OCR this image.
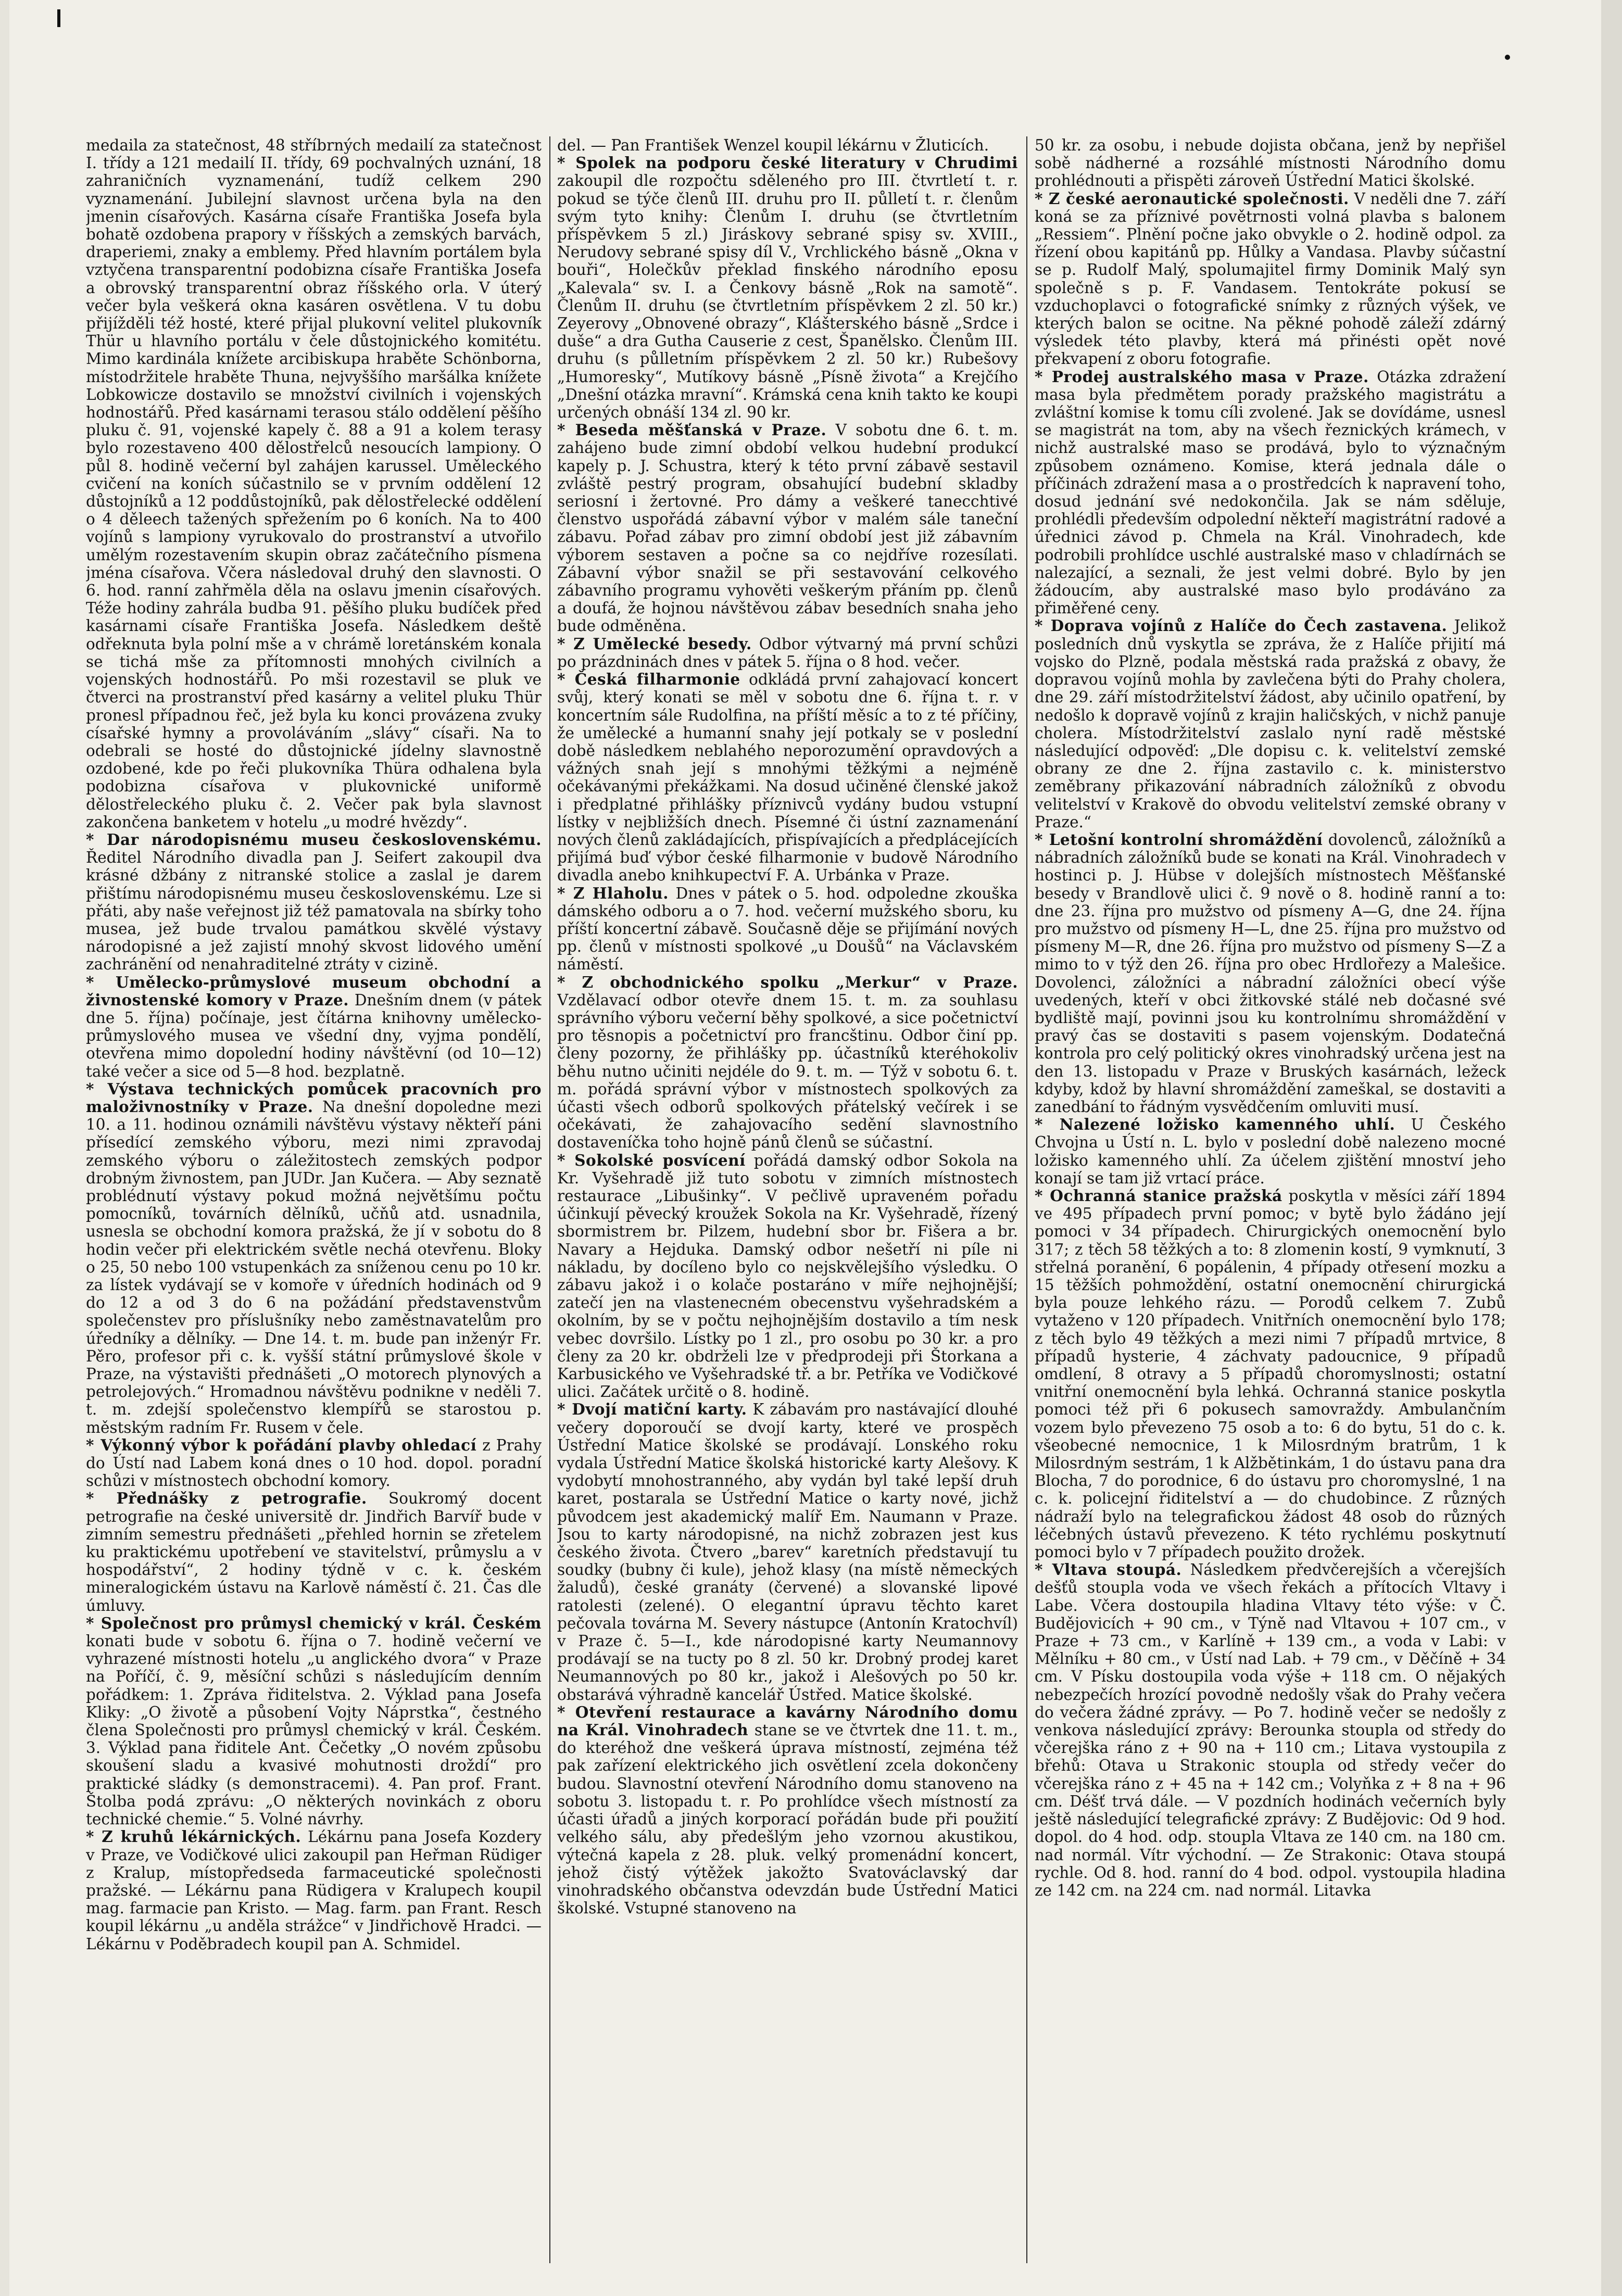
medaila za statečnost, 48 stříbrných medailí za statečnost I. třídy a 121 medailí II. třídy, 69 pochvalných uznání, 18 zahraničních vyznamenání, tudíž celkem 290 vyznamenání. Jubilejní slavnost určena byla na den jmenin císařových. Kasárna císaře Františka Josefa byla bohatě ozdobena prapory v říšských a zemských barvách, draperiemi, znaky a emblemy. Před hlavním portálem byla vztyčena transparentní podobizna císaře Františka Josefa a obrovský transparentní obraz říšského orla. V úterý večer byla veškerá okna kasáren osvětlena. V tu dobu přijížděli též hosté, které přijal plukovní velitel plukovník Thür u hlavního portálu v čele důstojnického komitétu. Mimo kardinála knížete arcibiskupa hraběte Schönborna, místodržitele hraběte Thuna, nejvyššího maršálka knížete Lobkowicze dostavilo se množství civilních i vojenských hodnostářů. Před kasárnami terasou stálo oddělení pěšího pluku č. 91, vojenské kapely č. 88 a 91 a kolem terasy bylo rozestaveno 400 dělostřelců nesoucích lampiony. O půl 8. hodině večerní byl zahájen karussel. Uměleckého cvičení na koních súčastnilo se v prvním oddělení 12 důstojníků a 12 poddůstojníků, pak dělostřelecké oddělení o 4 děleech tažených spřežením po 6 koních. Na to 400 vojínů s lampiony vyrukovalo do prostranství a utvořilo umělým rozestavením skupin obraz začátečního písmena jména císařova. Včera následoval druhý den slavnosti. O 6. hod. ranní zahřměla děla na oslavu jmenin císařových. Téže hodiny zahrála budba 91. pěšího pluku budíček před kasárnami císaře Františka Josefa. Následkem deště odřeknuta byla polní mše a v chrámě loretánském konala se tichá mše za přítomnosti mnohých civilních a vojenských hodnostářů. Po mši rozestavil se pluk ve čtverci na prostranství před kasárny a velitel pluku Thür pronesl případnou řeč, jež byla ku konci provázena zvuky císařské hymny a provoláváním „slávy“ císaři. Na to odebrali se hosté do důstojnické jídelny slavnostně ozdobené, kde po řeči plukovníka Thüra odhalena byla podobizna císařova v plukovnické uniformě dělostřeleckého pluku č. 2. Večer pak byla slavnost zakončena banketem v hotelu „u modré hvězdy“.

* Dar národopisnému museu československému. Ředitel Národního divadla pan J. Seifert zakoupil dva krásné džbány z nitranské stolice a zaslal je darem přištímu národopisnému museu československému. Lze si přáti, aby naše veřejnost již též pamatovala na sbírky toho musea, jež bude trvalou památkou skvělé výstavy národopisné a jež zajistí mnohý skvost lidového umění zachránění od nenahraditelné ztráty v cizině.

* Umělecko-průmyslové museum obchodní a živnostenské komory v Praze. Dnešním dnem (v pátek dne 5. října) počínaje, jest čítárna knihovny umělecko-průmyslového musea ve všední dny, vyjma pondělí, otevřena mimo dopolední hodiny návštěvní (od 10—12) také večer a sice od 5—8 hod. bezplatně.

* Výstava technických pomůcek pracovních pro maloživnostníky v Praze. Na dnešní dopoledne mezi 10. a 11. hodinou oznámili návštěvu výstavy někteří páni přísedící zemského výboru, mezi nimi zpravodaj zemského výboru o záležitostech zemských podpor drobným živnostem, pan JUDr. Jan Kučera. — Aby seznatě problédnutí výstavy pokud možná největšímu počtu pomocníků, továrních dělníků, učňů atd. usnadnila, usnesla se obchodní komora pražská, že jí v sobotu do 8 hodin večer při elektrickém světle nechá otevřenu. Bloky o 25, 50 nebo 100 vstupenkách za sníženou cenu po 10 kr. za lístek vydávají se v komoře v úředních hodinách od 9 do 12 a od 3 do 6 na požádání představenstvům společenstev pro příslušníky nebo zaměstnavatelům pro úředníky a dělníky. — Dne 14. t. m. bude pan inženýr Fr. Pěro, profesor při c. k. vyšší státní průmyslové škole v Praze, na výstavišti přednášeti „O motorech plynových a petrolejových.“ Hromadnou návštěvu podnikne v neděli 7. t. m. zdejší společenstvo klempířů se starostou p. městským radním Fr. Rusem v čele.

* Výkonný výbor k pořádání plavby ohledací z Prahy do Ústí nad Labem koná dnes o 10 hod. dopol. poradní schůzi v místnostech obchodní komory.

* Přednášky z petrografie. Soukromý docent petrografie na české universitě dr. Jindřich Barvíř bude v zimním semestru přednášeti „přehled hornin se zřetelem ku praktickému upotřebení ve stavitelství, průmyslu a v hospodářství“, 2 hodiny týdně v c. k. českém mineralogickém ústavu na Karlově náměstí č. 21. Čas dle úmluvy.

* Společnost pro průmysl chemický v král. Českém konati bude v sobotu 6. října o 7. hodině večerní ve vyhrazené místnosti hotelu „u anglického dvora“ v Praze na Poříčí, č. 9, měsíční schůzi s následujícím denním pořádkem: 1. Zpráva řiditelstva. 2. Výklad pana Josefa Kliky: „O životě a působení Vojty Náprstka“, čestného člena Společnosti pro průmysl chemický v král. Českém. 3. Výklad pana řiditele Ant. Čečetky „O novém způsobu skoušení sladu a kvasivé mohutnosti droždí“ pro praktické sládky (s demonstracemi). 4. Pan prof. Frant. Štolba podá zprávu: „O některých novinkách z oboru technické chemie.“ 5. Volné návrhy.

* Z kruhů lékárnických. Lékárnu pana Josefa Kozdery v Praze, ve Vodičkové ulici zakoupil pan Heřman Rüdiger z Kralup, místopředseda farmaceutické společnosti pražské. — Lékárnu pana Rüdigera v Kralupech koupil mag. farmacie pan Kristo. — Mag. farm. pan Frant. Resch koupil lékárnu „u anděla strážce“ v Jindřichově Hradci. — Lékárnu v Poděbradech koupil pan A. Schmidel.

del. — Pan František Wenzel koupil lékárnu v Žluticích.

* Spolek na podporu české literatury v Chrudimi zakoupil dle rozpočtu sděleného pro III. čtvrtletí t. r. pokud se týče členů III. druhu pro II. půlletí t. r. členům svým tyto knihy: Členům I. druhu (se čtvrtletním příspěvkem 5 zl.) Jiráskovy sebrané spisy sv. XVIII., Nerudovy sebrané spisy díl V., Vrchlického básně „Okna v bouři“, Holečkův překlad finského národního eposu „Kalevala“ sv. I. a Čenkovy básně „Rok na samotě“. Členům II. druhu (se čtvrtletním příspěvkem 2 zl. 50 kr.) Zeyerovy „Obnovené obrazy“, Klášterského básně „Srdce i duše“ a dra Gutha Causerie z cest, Španělsko. Členům III. druhu (s půlletním příspěvkem 2 zl. 50 kr.) Rubešovy „Humoresky“, Mutíkovy básně „Písně života“ a Krejčího „Dnešní otázka mravní“. Krámská cena knih takto ke koupi určených obnáší 134 zl. 90 kr.

* Beseda měšťanská v Praze. V sobotu dne 6. t. m. zahájeno bude zimní období velkou hudební produkcí kapely p. J. Schustra, který k této první zábavě sestavil zvláště pestrý program, obsahující budební skladby seriosní i žertovné. Pro dámy a veškeré tanecchtivé členstvo uspořádá zábavní výbor v malém sále taneční zábavu. Pořad zábav pro zimní období jest již zábavním výborem sestaven a počne sa co nejdříve rozesílati. Zábavní výbor snažil se při sestavování celkového zábavního programu vyhověti veškerým přáním pp. členů a doufá, že hojnou návštěvou zábav besedních snaha jeho bude odměněna.

* Z Umělecké besedy. Odbor výtvarný má první schůzi po prázdninách dnes v pátek 5. října o 8 hod. večer.

* Česká filharmonie odkládá první zahajovací koncert svůj, který konati se měl v sobotu dne 6. října t. r. v koncertním sále Rudolfina, na příští měsíc a to z té příčiny, že umělecké a humanní snahy její potkaly se v poslední době následkem neblahého neporozumění opravdových a vážných snah její s mnohými těžkými a nejméně očekávanými překážkami. Na dosud učiněné členské jakož i předplatné přihlášky příznivců vydány budou vstupní lístky v nejbližších dnech. Písemné či ústní zaznamenání nových členů zakládajících, přispívajících a předplácejících přijímá buď výbor české filharmonie v budově Národního divadla anebo knihkupectví F. A. Urbánka v Praze.

* Z Hlaholu. Dnes v pátek o 5. hod. odpoledne zkouška dámského odboru a o 7. hod. večerní mužského sboru, ku příští koncertní zábavě. Současně děje se přijímání nových pp. členů v místnosti spolkové „u Doušů“ na Václavském náměstí.

* Z obchodnického spolku „Merkur“ v Praze. Vzdělavací odbor otevře dnem 15. t. m. za souhlasu správního výboru večerní běhy spolkové, a sice početnictví pro těsnopis a početnictví pro francštinu. Odbor činí pp. členy pozorny, že přihlášky pp. účastníků kteréhokoliv běhu nutno učiniti nejdéle do 9. t. m. — Týž v sobotu 6. t. m. pořádá správní výbor v místnostech spolkových za účasti všech odborů spolkových přátelský večírek i se očekávati, že zahajovacího sedění slavnostního dostaveníčka toho hojně pánů členů se súčastní.

* Sokolské posvícení pořádá damský odbor Sokola na Kr. Vyšehradě již tuto sobotu v zimních místnostech restaurace „Libušinky“. V pečlivě upraveném pořadu účinkují pěvecký kroužek Sokola na Kr. Vyšehradě, řízený sbormistrem br. Pilzem, hudební sbor br. Fišera a br. Navary a Hejduka. Damský odbor nešetří ni píle ni nákladu, by docíleno bylo co nejskvělejšího výsledku. O zábavu jakož i o kolače postaráno v míře nejhojnější; zatečí jen na vlastenecném obecenstvu vyšehradském a okolním, by se v počtu nejhojnějším dostavilo a tím nesk vebec dovršilo. Lístky po 1 zl., pro osobu po 30 kr. a pro členy za 20 kr. obdrželi lze v předprodeji při Štorkana a Karbusického ve Vyšehradské tř. a br. Petříka ve Vodičkové ulici. Začátek určitě o 8. hodině.

* Dvojí matiční karty. K zábavám pro nastávající dlouhé večery doporoučí se dvojí karty, které ve prospěch Ústřední Matice školské se prodávají. Lonského roku vydala Ústřední Matice školská historické karty Alešovy. K vydobytí mnohostranného, aby vydán byl také lepší druh karet, postarala se Ústřední Matice o karty nové, jichž původcem jest akademický malíř Em. Naumann v Praze. Jsou to karty národopisné, na nichž zobrazen jest kus českého života. Čtvero „barev“ karetních představují tu soudky (bubny či kule), jehož klasy (na místě německých žaludů), české granáty (červené) a slovanské lipové ratolesti (zelené). O elegantní úpravu těchto karet pečovala továrna M. Severy nástupce (Antonín Kratochvíl) v Praze č. 5—I., kde národopisné karty Neumannovy prodávají se na tucty po 8 zl. 50 kr. Drobný prodej karet Neumannových po 80 kr., jakož i Alešových po 50 kr. obstarává výhradně kancelář Ústřed. Matice školské.

* Otevření restaurace a kavárny Národního domu na Král. Vinohradech stane se ve čtvrtek dne 11. t. m., do kteréhož dne veškerá úprava místností, zejména též pak zařízení elektrického jich osvětlení zcela dokončeny budou. Slavnostní otevření Národního domu stanoveno na sobotu 3. listopadu t. r. Po prohlídce všech místností za účasti úřadů a jiných korporací pořádán bude při použití velkého sálu, aby předešlým jeho vzornou akustikou, výtečná kapela z 28. pluk. velký promenádní koncert, jehož čistý výtěžek jakožto Svatováclavský dar vinohradského občanstva odevzdán bude Ústřední Matici školské. Vstupné stanoveno na

50 kr. za osobu, i nebude dojista občana, jenž by nepřišel sobě nádherné a rozsáhlé místnosti Národního domu prohlédnouti a přispěti zároveň Ústřední Matici školské.

* Z české aeronautické společnosti. V neděli dne 7. září koná se za příznivé povětrnosti volná plavba s balonem „Ressiem“. Plnění počne jako obvykle o 2. hodině odpol. za řízení obou kapitánů pp. Hůlky a Vandasa. Plavby súčastní se p. Rudolf Malý, spolumajitel firmy Dominik Malý syn společně s p. F. Vandasem. Tentokráte pokusí se vzduchoplavci o fotografické snímky z různých výšek, ve kterých balon se ocitne. Na pěkné pohodě záleží zdárný výsledek této plavby, která má přinésti opět nové překvapení z oboru fotografie.

* Prodej australského masa v Praze. Otázka zdražení masa byla předmětem porady pražského magistrátu a zvláštní komise k tomu cíli zvolené. Jak se dovídáme, usnesl se magistrát na tom, aby na všech řeznických krámech, v nichž australské maso se prodává, bylo to význačným způsobem oznámeno. Komise, která jednala dále o příčinách zdražení masa a o prostředcích k napravení toho, dosud jednání své nedokončila. Jak se nám sděluje, prohlédli především odpolední někteří magistrátní radové a úřednici závod p. Chmela na Král. Vinohradech, kde podrobili prohlídce uschlé australské maso v chladírnách se nalezající, a seznali, že jest velmi dobré. Bylo by jen žádoucím, aby australské maso bylo prodáváno za přiměřené ceny.

* Doprava vojínů z Halíče do Čech zastavena. Jelikož posledních dnů vyskytla se zpráva, že z Halíče přijití má vojsko do Plzně, podala městská rada pražská z obavy, že dopravou vojínů mohla by zavlečena býti do Prahy cholera, dne 29. září místodržitelství žádost, aby učinilo opatření, by nedošlo k dopravě vojínů z krajin haličských, v nichž panuje cholera. Místodržitelství zaslalo nyní radě městské následující odpověď: „Dle dopisu c. k. velitelství zemské obrany ze dne 2. října zastavilo c. k. ministerstvo zeměbrany přikazování nábradních záložníků z obvodu velitelství v Krakově do obvodu velitelství zemské obrany v Praze.“

* Letošní kontrolní shromáždění dovolenců, záložníků a nábradních záložníků bude se konati na Král. Vinohradech v hostinci p. J. Hübse v dolejších místnostech Měšťanské besedy v Brandlově ulici č. 9 nově o 8. hodině ranní a to: dne 23. října pro mužstvo od písmeny A—G, dne 24. října pro mužstvo od písmeny H—L, dne 25. října pro mužstvo od písmeny M—R, dne 26. října pro mužstvo od písmeny S—Z a mimo to v týž den 26. října pro obec Hrdlořezy a Malešice. Dovolenci, záložníci a nábradní záložníci obecí výše uvedených, kteří v obci žitkovské stálé neb dočasné své bydliště mají, povinni jsou ku kontrolnímu shromáždění v pravý čas se dostaviti s pasem vojenským. Dodatečná kontrola pro celý politický okres vinohradský určena jest na den 13. listopadu v Praze v Bruských kasárnách, ležeck kdyby, kdož by hlavní shromáždění zameškal, se dostaviti a zanedbání to řádným vysvědčením omluviti musí.

* Nalezené ložisko kamenného uhlí. U Českého Chvojna u Ústí n. L. bylo v poslední době nalezeno mocné ložisko kamenného uhlí. Za účelem zjištění mnoství jeho konají se tam již vrtací práce.

* Ochranná stanice pražská poskytla v měsíci září 1894 ve 495 případech první pomoc; v bytě bylo žádáno její pomoci v 34 případech. Chirurgických onemocnění bylo 317; z těch 58 těžkých a to: 8 zlomenin kostí, 9 vymknutí, 3 střelná poranění, 6 popálenin, 4 případy otřesení mozku a 15 těžších pohmoždění, ostatní onemocnění chirurgická byla pouze lehkého rázu. — Porodů celkem 7. Zubů vytaženo v 120 případech. Vnitřních onemocnění bylo 178; z těch bylo 49 těžkých a mezi nimi 7 případů mrtvice, 8 případů hysterie, 4 záchvaty padoucnice, 9 případů omdlení, 8 otravy a 5 případů choromyslnosti; ostatní vnitřní onemocnění byla lehká. Ochranná stanice poskytla pomoci též při 6 pokusech samovraždy. Ambulančním vozem bylo převezeno 75 osob a to: 6 do bytu, 51 do c. k. všeobecné nemocnice, 1 k Milosrdným bratrům, 1 k Milosrdným sestrám, 1 k Alžbětinkám, 1 do ústavu pana dra Blocha, 7 do porodnice, 6 do ústavu pro choromyslné, 1 na c. k. policejní řiditelství a — do chudobince. Z různých nádraží bylo na telegrafickou žádost 48 osob do různých léčebných ústavů převezeno. K této rychlému poskytnutí pomoci bylo v 7 případech použito drožek.

* Vltava stoupá. Následkem předvčerejších a včerejších dešťů stoupla voda ve všech řekách a přítocích Vltavy i Labe. Včera dostoupila hladina Vltavy této výše: v Č. Budějovicích + 90 cm., v Týně nad Vltavou + 107 cm., v Praze + 73 cm., v Karlíně + 139 cm., a voda v Labi: v Mělníku + 80 cm., v Ústí nad Lab. + 79 cm., v Děčíně + 34 cm. V Písku dostoupila voda výše + 118 cm. O nějakých nebezpečích hrozící povodně nedošly však do Prahy večera do večera žádné zprávy. — Po 7. hodině večer se nedošly z venkova následující zprávy: Berounka stoupla od středy do včerejška ráno z + 90 na + 110 cm.; Litava vystoupila z břehů: Otava u Strakonic stoupla od středy večer do včerejška ráno z + 45 na + 142 cm.; Volyňka z + 8 na + 96 cm. Déšť trvá dále. — V pozdních hodinách večerních byly ještě následující telegrafické zprávy: Z Budějovic: Od 9 hod. dopol. do 4 hod. odp. stoupla Vltava ze 140 cm. na 180 cm. nad normál. Vítr východní. — Ze Strakonic: Otava stoupá rychle. Od 8. hod. ranní do 4 bod. odpol. vystoupila hladina ze 142 cm. na 224 cm. nad normál. Litavka
